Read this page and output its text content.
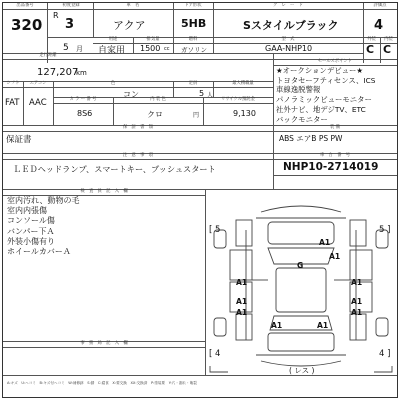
出品番号	初度登録	車　名	ドア形状	グ　レ　ー　ド	評価点
320
R
3	アクア	5HB	Sスタイルブラック	4
用途	排気量	燃料	型　式	外装	内装
5 月 自家用 1500 cc ガソリン	GAA-NHP10	C C
走行距離
セールスポイント
127,207
km
シフト	エアコン	色	定員	最大積載量
FAT AAC
コン	5 人
カ ラ ー 番 号	内 装 色	リサイクル預託金
8S6	クロ	円	9,130
保　証　書　類
保証書
★オークションデビュー★
トヨタセーフティセンス、ICS
車線逸脱警報
パノラミックビューモニター
社外ナビ、地デジTV、ETC
バックモニター
装 備
ABS エアB PS PW
注　意　事　項
ＬＥＤヘッドランプ、スマートキー、プッシュスタート
車　台　番　号
NHP10-2714019
検　査　員　記　入　欄
室内汚れ、動物の毛
室内内張傷
コンソール傷
バンパー下Ａ
外装小傷有り
ホイールカバーＡ
事　務　局　記　入　欄
[ 5	5 ]
[ 4	4 ]
( レス )
A1
A1
G
A1	A1
A1	A1
A1	A1
A1	A1
A:キズ　U:ヘコミ　B:キズ付ヘコミ　W:補修跡　S:錆　C:腐食　X:要交換　XX:交換済　P:塗装要　Y:穴・割れ・亀裂
